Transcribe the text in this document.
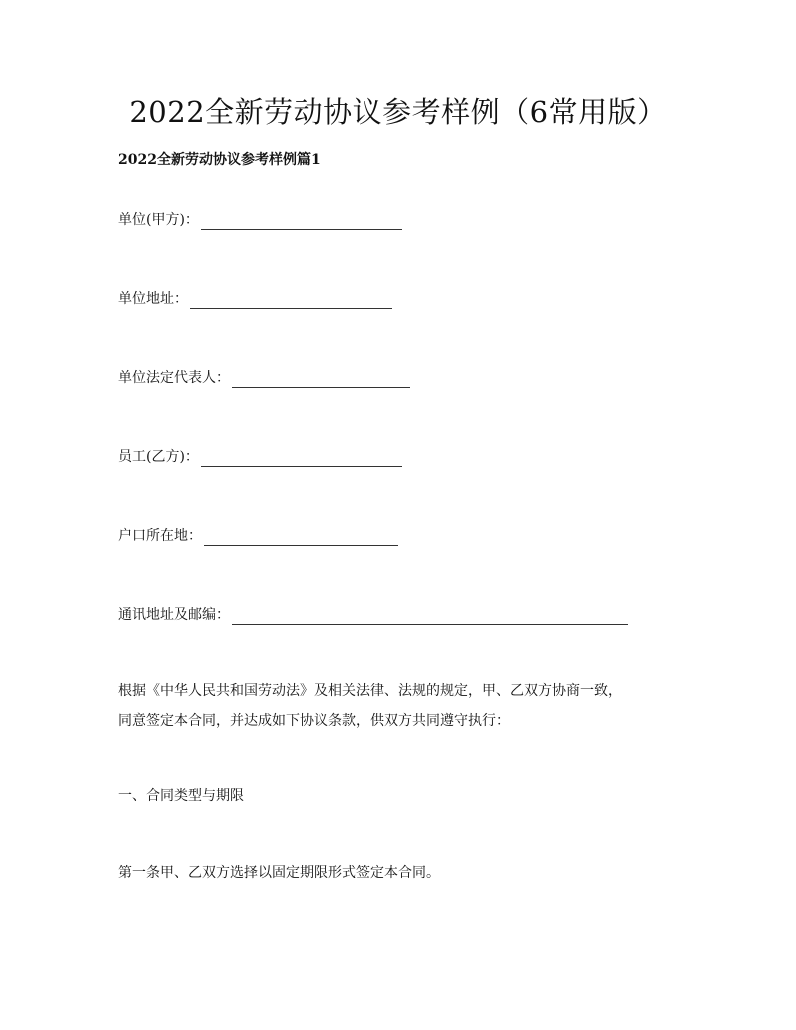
2022全新劳动协议参考样例（6常用版）

2022全新劳动协议参考样例篇1

单位(甲方)：
单位地址：
单位法定代表人：
员工(乙方)：
户口所在地：
通讯地址及邮编：
根据《中华人民共和国劳动法》及相关法律、法规的规定，甲、乙双方协商一致，
同意签定本合同，并达成如下协议条款，供双方共同遵守执行：

一、合同类型与期限

第一条甲、乙双方选择以固定期限形式签定本合同。
